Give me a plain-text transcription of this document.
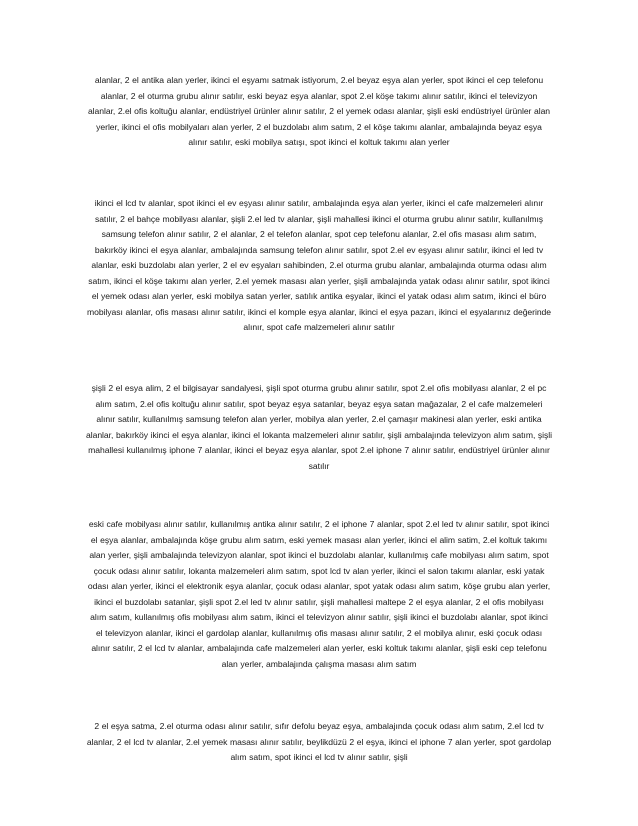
alanlar, 2 el antika alan yerler, ikinci el eşyamı satmak istiyorum, 2.el beyaz eşya alan yerler, spot ikinci el cep telefonu alanlar, 2 el oturma grubu alınır satılır, eski beyaz eşya alanlar, spot 2.el köşe takımı alınır satılır, ikinci el televizyon alanlar, 2.el ofis koltuğu alanlar, endüstriyel ürünler alınır satılır, 2 el yemek odası alanlar, şişli eski endüstriyel ürünler alan yerler, ikinci el ofis mobilyaları alan yerler, 2 el buzdolabı alım satım, 2 el köşe takımı alanlar, ambalajında beyaz eşya alınır satılır, eski mobilya satışı, spot ikinci el koltuk takımı alan yerler

ikinci el lcd tv alanlar, spot ikinci el ev eşyası alınır satılır, ambalajında eşya alan yerler, ikinci el cafe malzemeleri alınır satılır, 2 el bahçe mobilyası alanlar, şişli 2.el led tv alanlar, şişli mahallesi ikinci el oturma grubu alınır satılır, kullanılmış samsung telefon alınır satılır, 2 el alanlar, 2 el telefon alanlar, spot cep telefonu alanlar, 2.el ofis masası alım satım, bakırköy ikinci el eşya alanlar, ambalajında samsung telefon alınır satılır, spot 2.el ev eşyası alınır satılır, ikinci el led tv alanlar, eski buzdolabı alan yerler, 2 el ev eşyaları sahibinden, 2.el oturma grubu alanlar, ambalajında oturma odası alım satım, ikinci el köşe takımı alan yerler, 2.el yemek masası alan yerler, şişli ambalajında yatak odası alınır satılır, spot ikinci el yemek odası alan yerler, eski mobilya satan yerler, satılık antika eşyalar, ikinci el yatak odası alım satım, ikinci el büro mobilyası alanlar, ofis masası alınır satılır, ikinci el komple eşya alanlar, ikinci el eşya pazarı, ikinci el eşyalarınız değerinde alınır, spot cafe malzemeleri alınır satılır

şişli 2 el esya alim, 2 el bilgisayar sandalyesi, şişli spot oturma grubu alınır satılır, spot 2.el ofis mobilyası alanlar, 2 el pc alım satım, 2.el ofis koltuğu alınır satılır, spot beyaz eşya satanlar, beyaz eşya satan mağazalar, 2 el cafe malzemeleri alınır satılır, kullanılmış samsung telefon alan yerler, mobilya alan yerler, 2.el çamaşır makinesi alan yerler, eski antika alanlar, bakırköy ikinci el eşya alanlar, ikinci el lokanta malzemeleri alınır satılır, şişli ambalajında televizyon alım satım, şişli mahallesi kullanılmış iphone 7 alanlar, ikinci el beyaz eşya alanlar, spot 2.el iphone 7 alınır satılır, endüstriyel ürünler alınır satılır

eski cafe mobilyası alınır satılır, kullanılmış antika alınır satılır, 2 el iphone 7 alanlar, spot 2.el led tv alınır satılır, spot ikinci el eşya alanlar, ambalajında köşe grubu alım satım, eski yemek masası alan yerler, ikinci el alim satim, 2.el koltuk takımı alan yerler, şişli ambalajında televizyon alanlar, spot ikinci el buzdolabı alanlar, kullanılmış cafe mobilyası alım satım, spot çocuk odası alınır satılır, lokanta malzemeleri alım satım, spot lcd tv alan yerler, ikinci el salon takımı alanlar, eski yatak odası alan yerler, ikinci el elektronik eşya alanlar, çocuk odası alanlar, spot yatak odası alım satım, köşe grubu alan yerler, ikinci el buzdolabı satanlar, şişli spot 2.el led tv alınır satılır, şişli mahallesi maltepe 2 el eşya alanlar, 2 el ofis mobilyası alım satım, kullanılmış ofis mobilyası alım satım, ikinci el televizyon alınır satılır, şişli ikinci el buzdolabı alanlar, spot ikinci el televizyon alanlar, ikinci el gardolap alanlar, kullanılmış ofis masası alınır satılır, 2 el mobilya alınır, eski çocuk odası alınır satılır, 2 el lcd tv alanlar, ambalajında cafe malzemeleri alan yerler, eski koltuk takımı alanlar, şişli eski cep telefonu alan yerler, ambalajında çalışma masası alım satım

2 el eşya satma, 2.el oturma odası alınır satılır, sıfır defolu beyaz eşya, ambalajında çocuk odası alım satım, 2.el lcd tv alanlar, 2 el lcd tv alanlar, 2.el yemek masası alınır satılır, beylikdüzü 2 el eşya, ikinci el iphone 7 alan yerler, spot gardolap alım satım, spot ikinci el lcd tv alınır satılır, şişli
